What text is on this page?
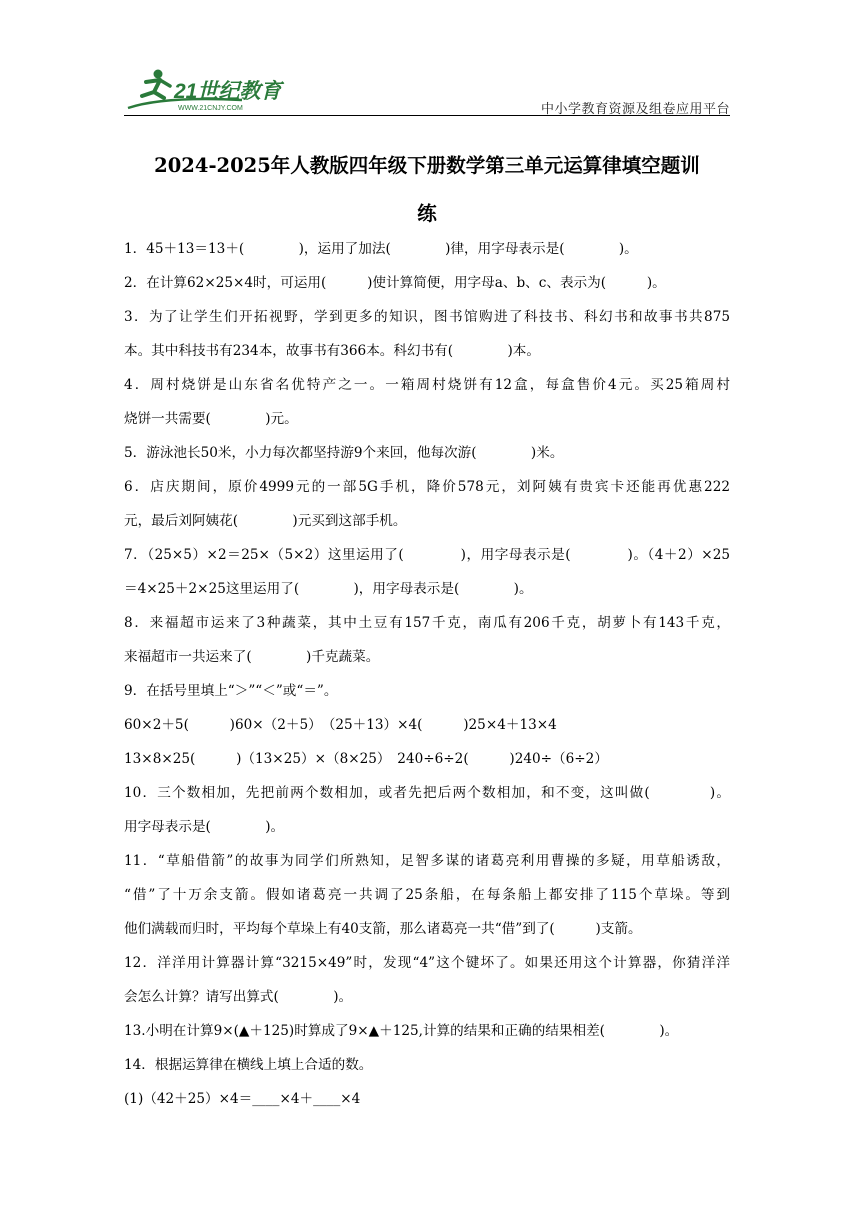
21世纪教育
WWW.21CNJY.COM	中小学教育资源及组卷应用平台
2024-2025年人教版四年级下册数学第三单元运算律填空题训
练
1．45＋13＝13＋(　　　　)，运用了加法(　　　　)律，用字母表示是(　　　　)。
2．在计算62×25×4时，可运用(　　　)使计算简便，用字母a、b、c、表示为(　　　)。
3．为了让学生们开拓视野，学到更多的知识，图书馆购进了科技书、科幻书和故事书共875
本。其中科技书有234本，故事书有366本。科幻书有(　　　　)本。
4．周村烧饼是山东省名优特产之一。一箱周村烧饼有12盒，每盒售价4元。买25箱周村
烧饼一共需要(　　　　)元。
5．游泳池长50米，小力每次都坚持游9个来回，他每次游(　　　　)米。
6．店庆期间，原价4999元的一部5G手机，降价578元，刘阿姨有贵宾卡还能再优惠222
元，最后刘阿姨花(　　　　)元买到这部手机。
7．（25×5）×2＝25×（5×2）这里运用了(　　　　)，用字母表示是(　　　　)。（4＋2）×25
＝4×25＋2×25这里运用了(　　　　)，用字母表示是(　　　　)。
8．来福超市运来了3种蔬菜，其中土豆有157千克，南瓜有206千克，胡萝卜有143千克，
来福超市一共运来了(　　　　)千克蔬菜。
9．在括号里填上“＞”“＜”或“＝”。
60×2＋5(　　　)60×（2＋5）　（25＋13）×4(　　　)25×4＋13×4
13×8×25(　　　)（13×25）×（8×25）　240÷6÷2(　　　)240÷（6÷2）
10．三个数相加，先把前两个数相加，或者先把后两个数相加，和不变，这叫做(　　　　)。
用字母表示是(　　　　)。
11．“草船借箭”的故事为同学们所熟知，足智多谋的诸葛亮利用曹操的多疑，用草船诱敌，
“借”了十万余支箭。假如诸葛亮一共调了25条船，在每条船上都安排了115个草垛。等到
他们满载而归时，平均每个草垛上有40支箭，那么诸葛亮一共“借”到了(　　　)支箭。
12．洋洋用计算器计算“3215×49”时，发现“4”这个键坏了。如果还用这个计算器，你猜洋洋
会怎么计算？请写出算式(　　　　)。
13.小明在计算9×(▲＋125)时算成了9×▲＋125,计算的结果和正确的结果相差(　　　　)。
14．根据运算律在横线上填上合适的数。
(1)（42＋25）×4＝____×4＋____×4
